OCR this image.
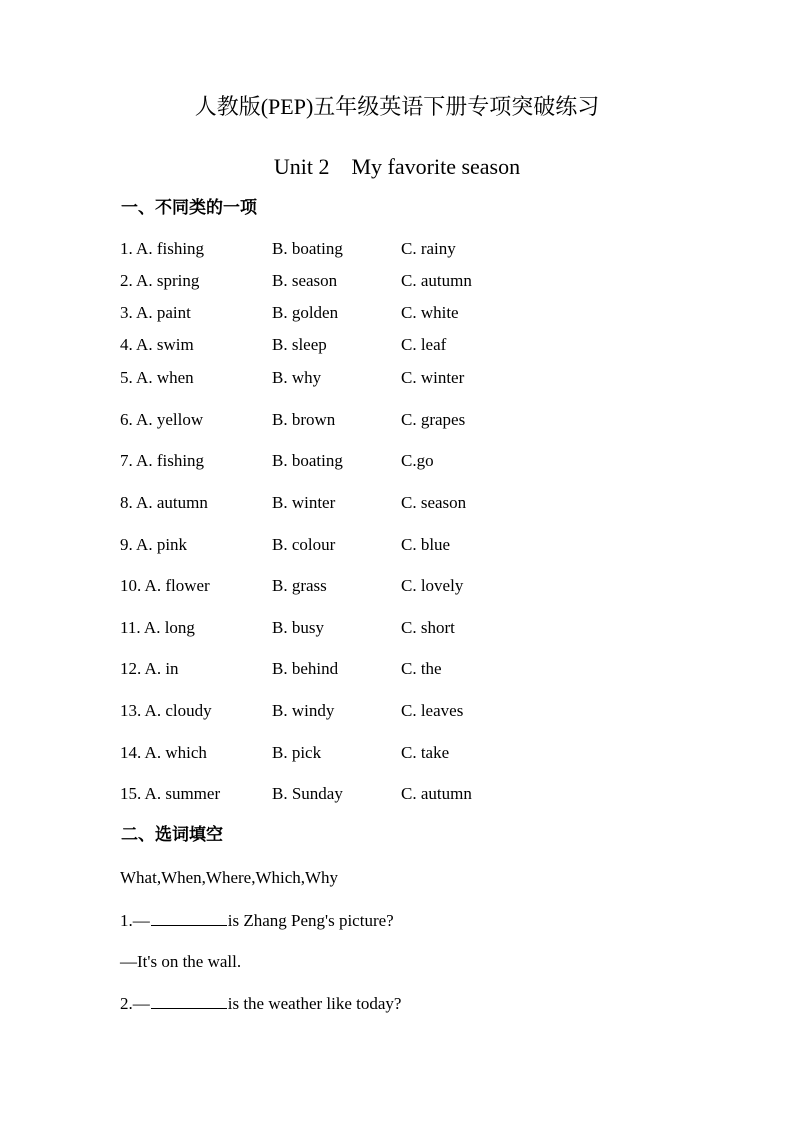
人教版(PEP)五年级英语下册专项突破练习
Unit 2 My favorite season
一、不同类的一项
1. A. fishing	B. boating	C. rainy
2. A. spring	B. season	C. autumn
3. A. paint	B. golden	C. white
4. A. swim	B. sleep	C. leaf
5. A. when	B. why	C. winter
6. A. yellow	B. brown	C. grapes
7. A. fishing	B. boating	C.go
8. A. autumn	B. winter	C. season
9. A. pink	B. colour	C. blue
10. A. flower	B. grass	C. lovely
11. A. long	B. busy	C. short
12. A. in	B. behind	C. the
13. A. cloudy	B. windy	C. leaves
14. A. which	B. pick	C. take
15. A. summer	B. Sunday	C. autumn
二、选词填空
What,When,Where,Which,Why
1.—	is Zhang Peng's picture?
—It's on the wall.
2.—	is the weather like today?
